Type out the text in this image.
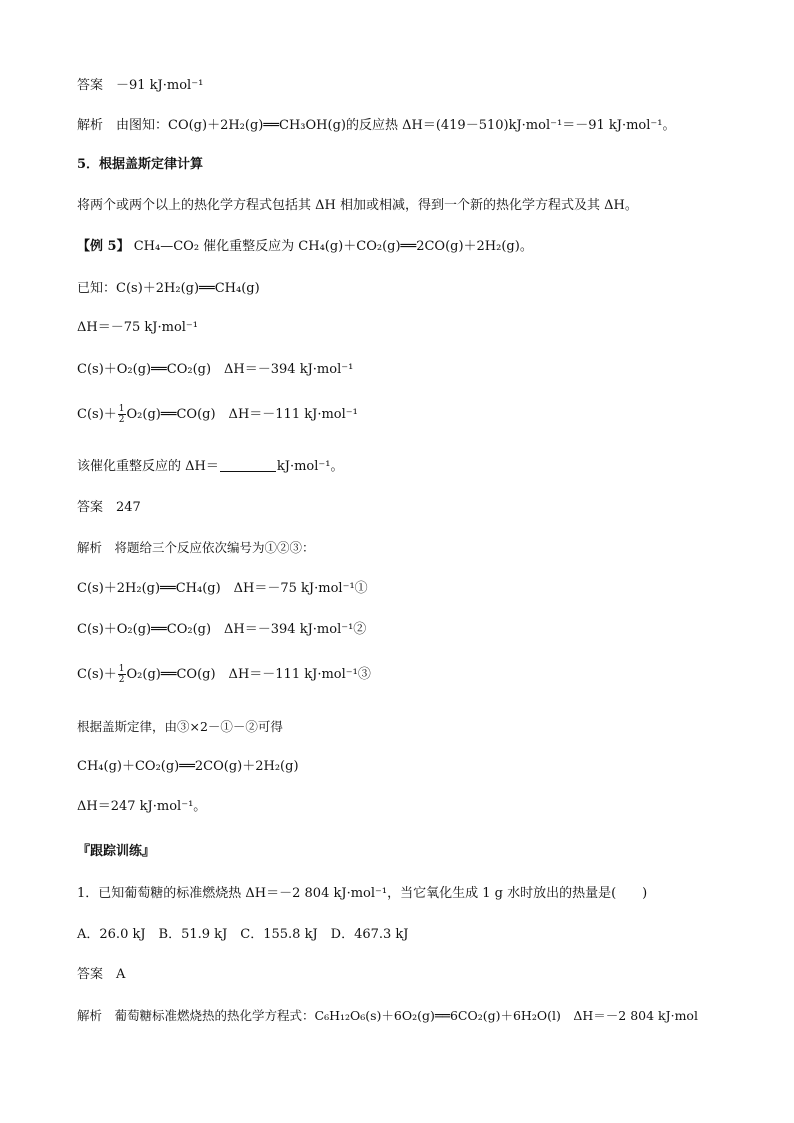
答案　－91 kJ·mol⁻¹
解析　由图知：CO(g)＋2H₂(g)══CH₃OH(g)的反应热 ΔH＝(419－510)kJ·mol⁻¹＝－91 kJ·mol⁻¹。
5．根据盖斯定律计算
将两个或两个以上的热化学方程式包括其 ΔH 相加或相减，得到一个新的热化学方程式及其 ΔH。
【例 5】 CH₄—CO₂ 催化重整反应为 CH₄(g)＋CO₂(g)══2CO(g)＋2H₂(g)。
已知：C(s)＋2H₂(g)══CH₄(g)
ΔH＝－75 kJ·mol⁻¹
C(s)＋O₂(g)══CO₂(g)　ΔH＝－394 kJ·mol⁻¹
$C(s)+ \frac{1}{2}$ O₂(g)══CO(g)　ΔH＝－111 kJ·mol⁻¹
该催化重整反应的 ΔH＝	kJ·mol⁻¹。
答案　247
解析　将题给三个反应依次编号为①②③：
C(s)＋2H₂(g)══CH₄(g)　ΔH＝－75 kJ·mol⁻¹①
C(s)＋O₂(g)══CO₂(g)　ΔH＝－394 kJ·mol⁻¹②
$C(s)+ \frac{1}{2}$ O₂(g)══CO(g)　ΔH＝－111 kJ·mol⁻¹③
根据盖斯定律，由③×2－①－②可得
CH₄(g)＋CO₂(g)══2CO(g)＋2H₂(g)
ΔH＝247 kJ·mol⁻¹。
『跟踪训练』
1．已知葡萄糖的标准燃烧热 ΔH＝－2 804 kJ·mol⁻¹，当它氧化生成 1 g 水时放出的热量是(　　)
A．26.0 kJ　B．51.9 kJ　C．155.8 kJ　D．467.3 kJ
答案　A
解析　葡萄糖标准燃烧热的热化学方程式：C₆H₁₂O₆(s)＋6O₂(g)══6CO₂(g)＋6H₂O(l)　ΔH＝－2 804 kJ·mol
